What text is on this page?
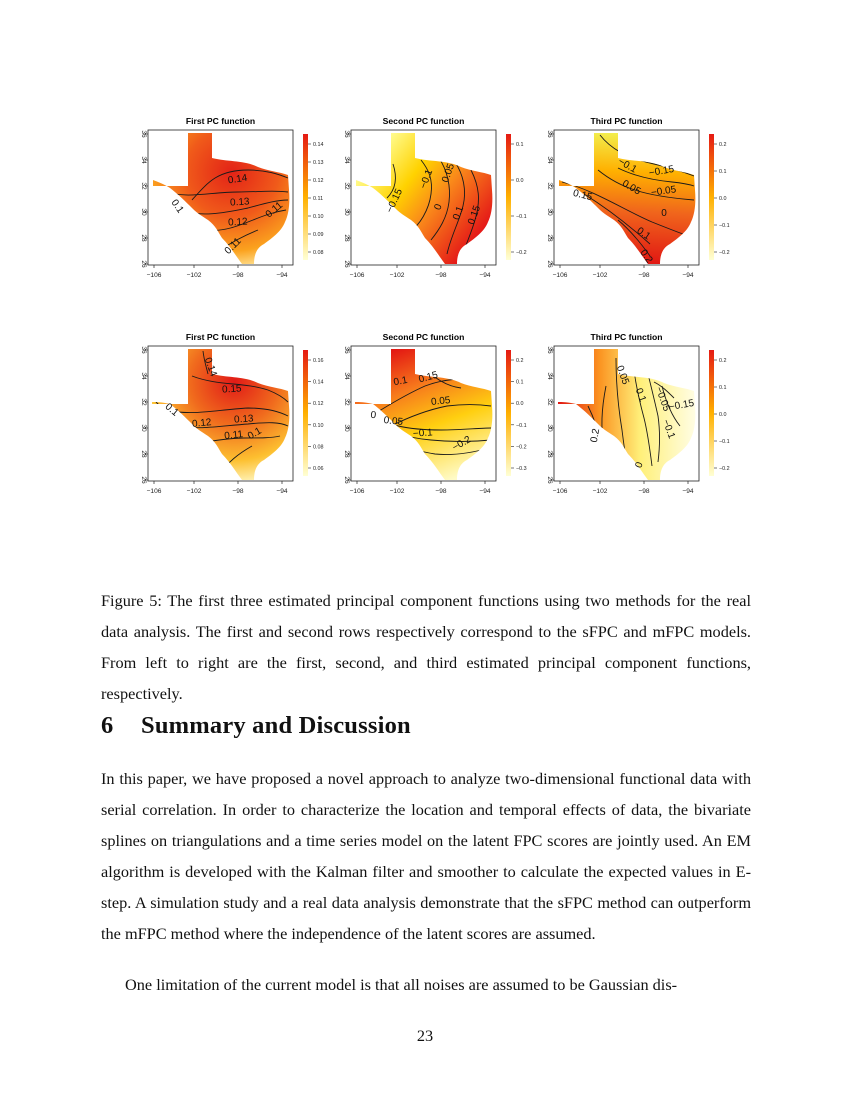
First PC function
0.14
0.13
0.12
0.11
0.11
0.1
−106	−102	−98	−94
26
28
30
32
34
36
0.14
0.13
0.12
0.11
0.10
0.09
0.08
Second PC function
0.05
−0.1
−0.15	0 0.1 0.15
−106	−102	−98	−94
26
28
30
32
34
36
0.1
0.0
−0.1
−0.2
Third PC function
−0.1 −0.15
0.05 −0.05
0.15
0
0.1
0.2
−106	−102	−98	−94
26
28
30
32
34
36
0.2
0.1
0.0
−0.1
−0.2
First PC function
0.14
0.15
0.13
0.12
0.1
0.11 0.1
−106	−102	−98	−94
26
28
30
32
34
36
0.16
0.14
0.12
0.10
0.08
0.06
Second PC function
0.1 0.15
0.05
0 0.05
−0.1
−0.2
−106	−102	−98	−94
26
28
30
32
34
36
0.2
0.1
0.0
−0.1
−0.2
−0.3
Third PC function
0.05
0.1 −0.05
−0.15
−0.1
0.2
0
−106	−102	−98	−94
26
28
30
32
34
36
0.2
0.1
0.0
−0.1
−0.2

Figure 5: The first three estimated principal component functions using two methods for the real data analysis. The first and second rows respectively correspond to the sFPC and mFPC models. From left to right are the first, second, and third estimated principal component functions, respectively.

6 Summary and Discussion

In this paper, we have proposed a novel approach to analyze two-dimensional functional data with serial correlation. In order to characterize the location and temporal effects of data, the bivariate splines on triangulations and a time series model on the latent FPC scores are jointly used. An EM algorithm is developed with the Kalman filter and smoother to calculate the expected values in E-step. A simulation study and a real data analysis demonstrate that the sFPC method can outperform the mFPC method where the independence of the latent scores are assumed.

One limitation of the current model is that all noises are assumed to be Gaussian dis-

23
